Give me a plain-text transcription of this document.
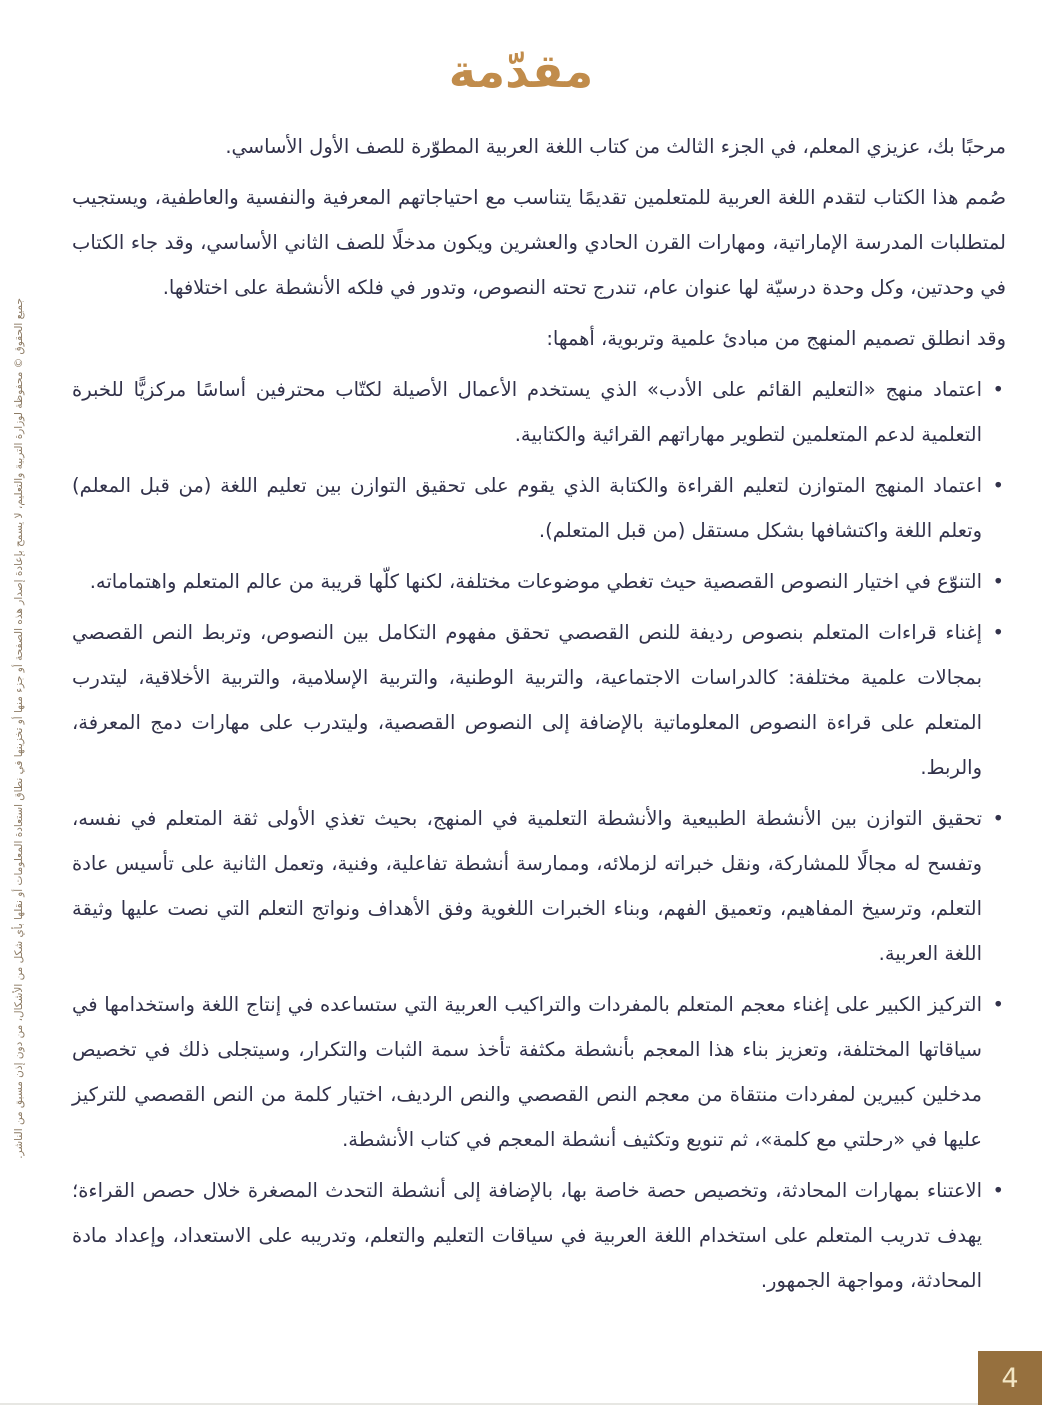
جميع الحقوق © محفوظة لوزارة التربية والتعليم، لا يسمح بإعادة إصدار هذه الصفحة أو جزء منها أو تخزينها في نطاق استعادة المعلومات أو نقلها بأي شكل من الأشكال، من دون إذن مسبق من الناشر.
مقدّمة

مرحبًا بك، عزيزي المعلم، في الجزء الثالث من كتاب اللغة العربية المطوّرة للصف الأول الأساسي.

صُمم هذا الكتاب لتقدم اللغة العربية للمتعلمين تقديمًا يتناسب مع احتياجاتهم المعرفية والنفسية والعاطفية، ويستجيب لمتطلبات المدرسة الإماراتية، ومهارات القرن الحادي والعشرين ويكون مدخلًا للصف الثاني الأساسي، وقد جاء الكتاب في وحدتين، وكل وحدة درسيّة لها عنوان عام، تندرج تحته النصوص، وتدور في فلكه الأنشطة على اختلافها.

وقد انطلق تصميم المنهج من مبادئ علمية وتربوية، أهمها:

•
اعتماد منهج «التعليم القائم على الأدب» الذي يستخدم الأعمال الأصيلة لكتّاب محترفين أساسًا مركزيًّا للخبرة التعلمية لدعم المتعلمين لتطوير مهاراتهم القرائية والكتابية.
•
اعتماد المنهج المتوازن لتعليم القراءة والكتابة الذي يقوم على تحقيق التوازن بين تعليم اللغة (من قبل المعلم) وتعلم اللغة واكتشافها بشكل مستقل (من قبل المتعلم).
•
التنوّع في اختيار النصوص القصصية حيث تغطي موضوعات مختلفة، لكنها كلّها قريبة من عالم المتعلم واهتماماته.
•
إغناء قراءات المتعلم بنصوص رديفة للنص القصصي تحقق مفهوم التكامل بين النصوص، وتربط النص القصصي بمجالات علمية مختلفة: كالدراسات الاجتماعية، والتربية الوطنية، والتربية الإسلامية، والتربية الأخلاقية، ليتدرب المتعلم على قراءة النصوص المعلوماتية بالإضافة إلى النصوص القصصية، وليتدرب على مهارات دمج المعرفة، والربط.
•
تحقيق التوازن بين الأنشطة الطبيعية والأنشطة التعلمية في المنهج، بحيث تغذي الأولى ثقة المتعلم في نفسه، وتفسح له مجالًا للمشاركة، ونقل خبراته لزملائه، وممارسة أنشطة تفاعلية، وفنية، وتعمل الثانية على تأسيس عادة التعلم، وترسيخ المفاهيم، وتعميق الفهم، وبناء الخبرات اللغوية وفق الأهداف ونواتج التعلم التي نصت عليها وثيقة اللغة العربية.
•
التركيز الكبير على إغناء معجم المتعلم بالمفردات والتراكيب العربية التي ستساعده في إنتاج اللغة واستخدامها في سياقاتها المختلفة، وتعزيز بناء هذا المعجم بأنشطة مكثفة تأخذ سمة الثبات والتكرار، وسيتجلى ذلك في تخصيص مدخلين كبيرين لمفردات منتقاة من معجم النص القصصي والنص الرديف، اختيار كلمة من النص القصصي للتركيز عليها في «رحلتي مع كلمة»، ثم تنويع وتكثيف أنشطة المعجم في كتاب الأنشطة.
•
الاعتناء بمهارات المحادثة، وتخصيص حصة خاصة بها، بالإضافة إلى أنشطة التحدث المصغرة خلال حصص القراءة؛ يهدف تدريب المتعلم على استخدام اللغة العربية في سياقات التعليم والتعلم، وتدريبه على الاستعداد، وإعداد مادة المحادثة، ومواجهة الجمهور.
4
